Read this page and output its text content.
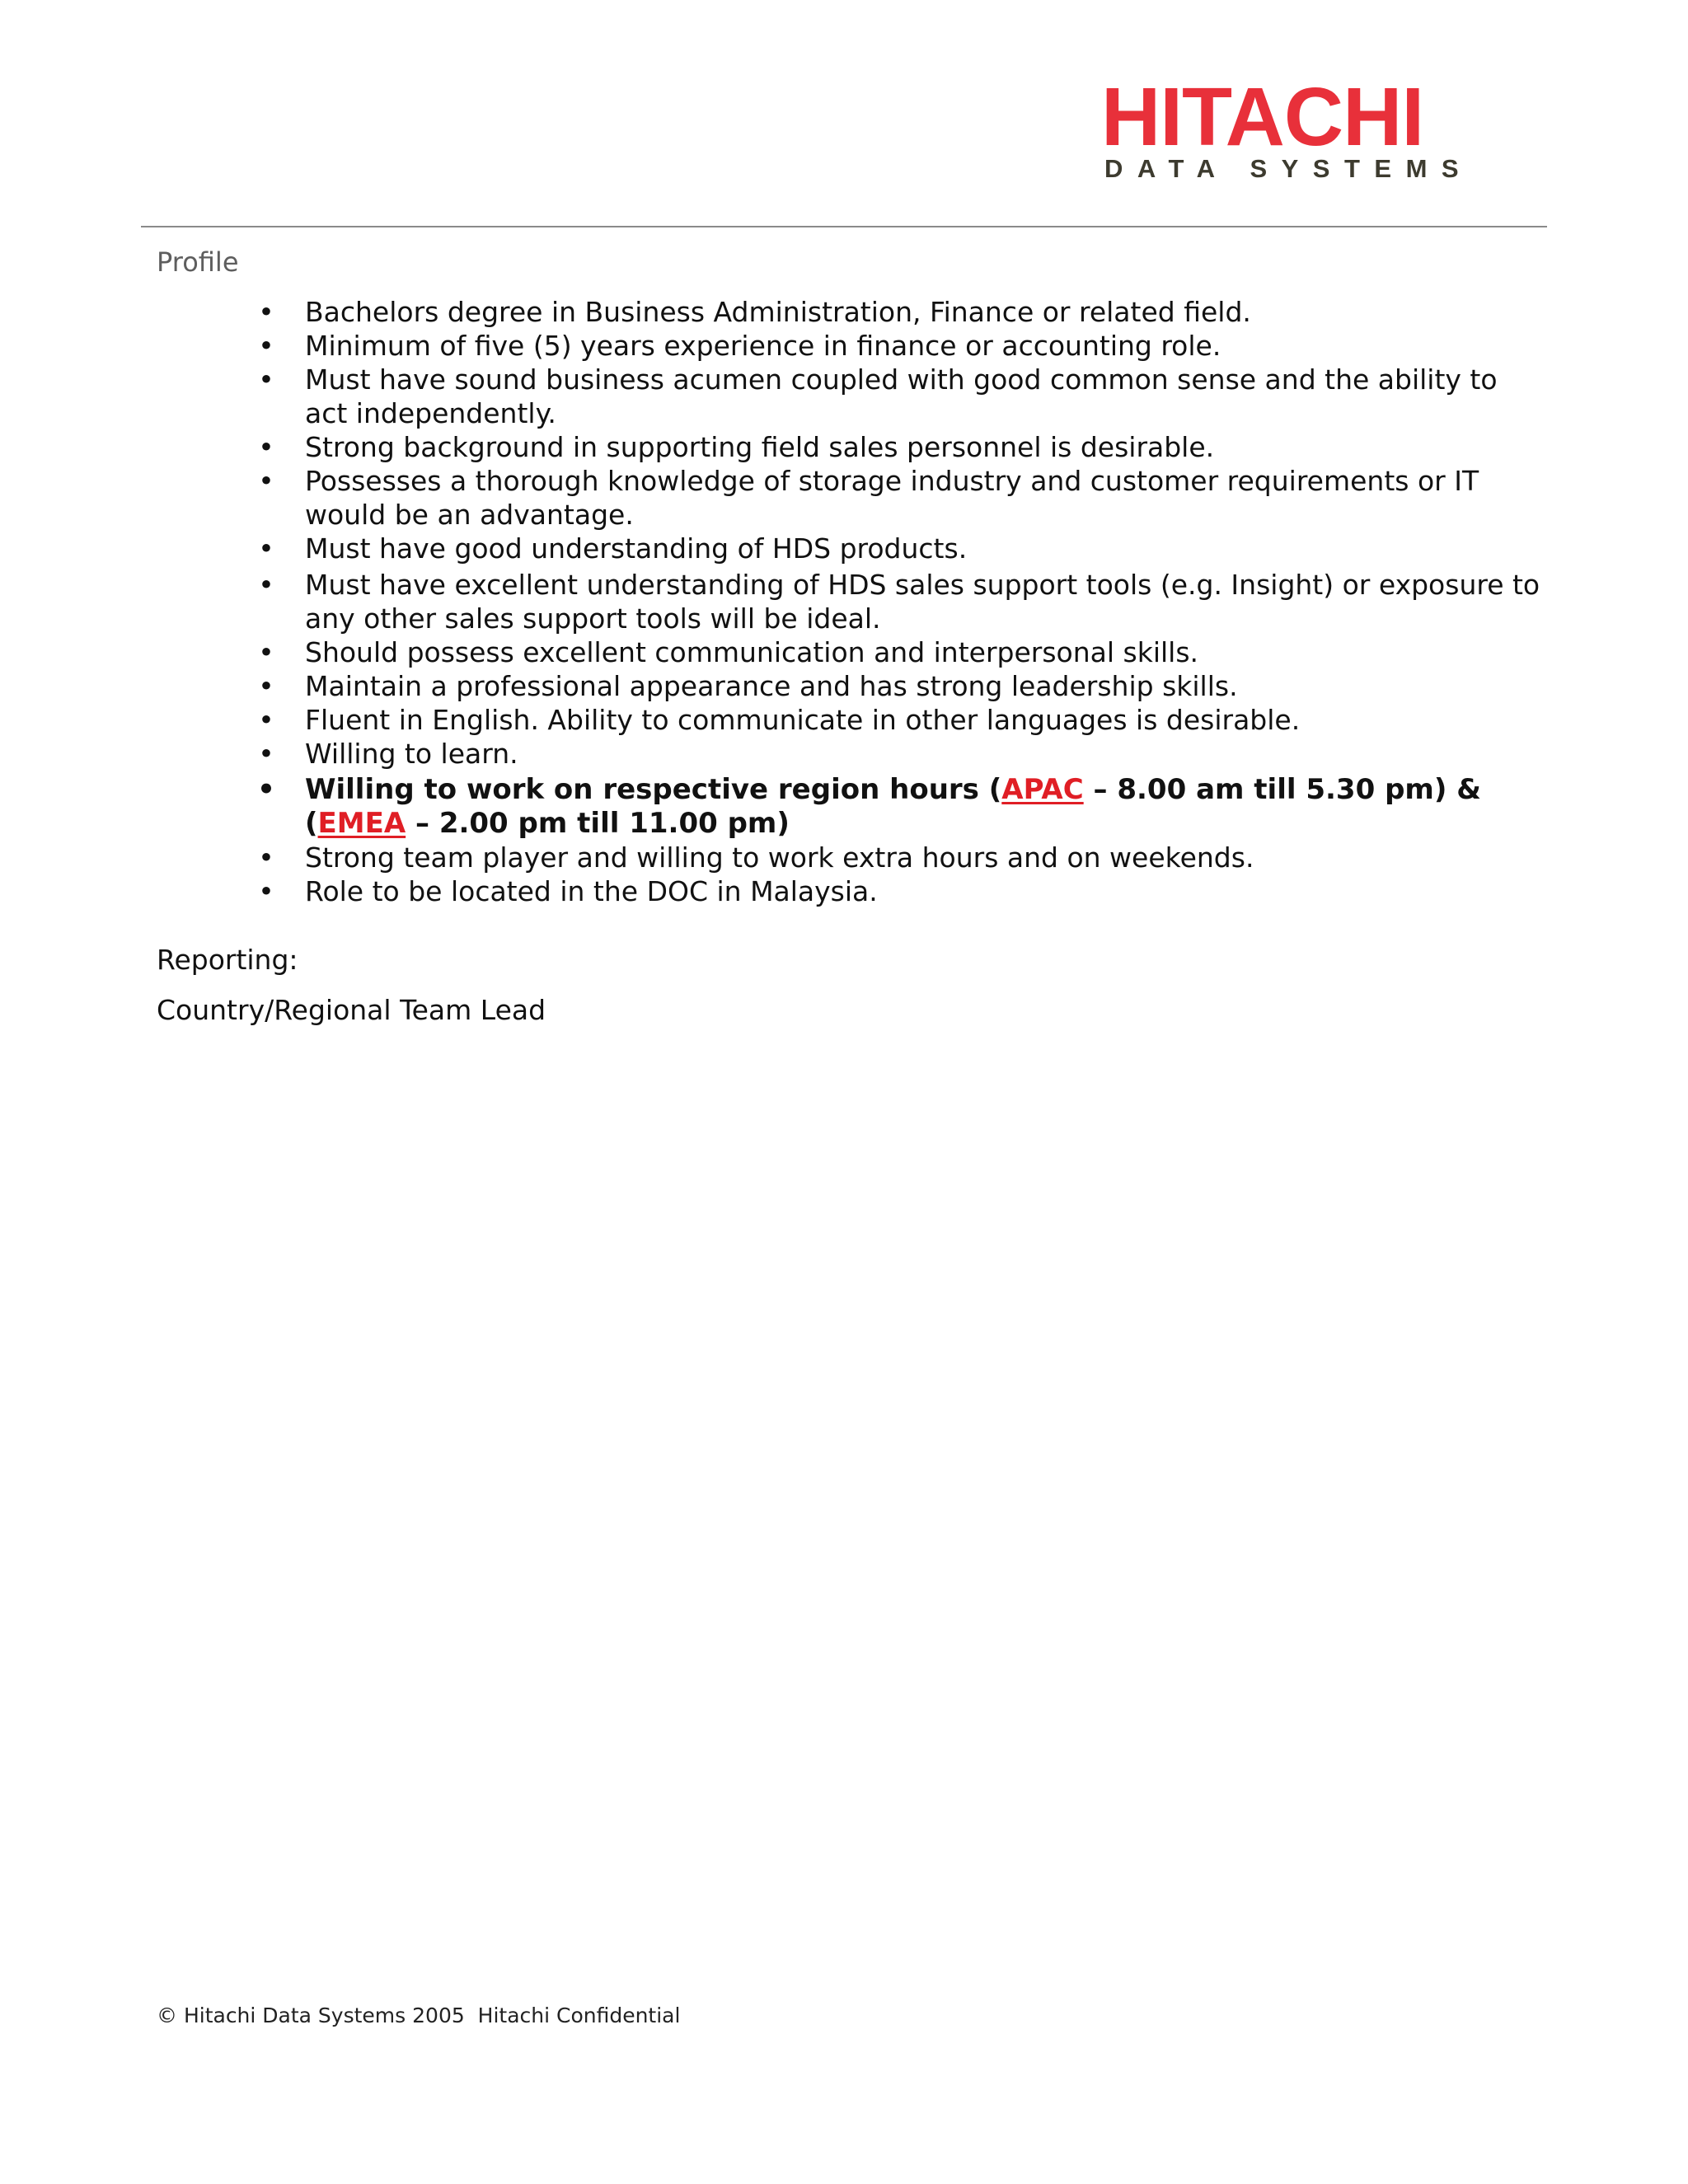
HITACHI
DATA SYSTEMS
Profile
• Bachelors degree in Business Administration, Finance or related field.
• Minimum of five (5) years experience in finance or accounting role.
• Must have sound business acumen coupled with good common sense and the ability to act independently.
• Strong background in supporting field sales personnel is desirable.
• Possesses a thorough knowledge of storage industry and customer requirements or IT would be an advantage.
• Must have good understanding of HDS products.
• Must have excellent understanding of HDS sales support tools (e.g. Insight) or exposure to any other sales support tools will be ideal.
• Should possess excellent communication and interpersonal skills.
• Maintain a professional appearance and has strong leadership skills.
• Fluent in English. Ability to communicate in other languages is desirable.
• Willing to learn.
• Willing to work on respective region hours (APAC – 8.00 am till 5.30 pm) & (EMEA – 2.00 pm till 11.00 pm)
• Strong team player and willing to work extra hours and on weekends.
• Role to be located in the DOC in Malaysia.
Reporting:
Country/Regional Team Lead
© Hitachi Data Systems 2005  Hitachi Confidential
